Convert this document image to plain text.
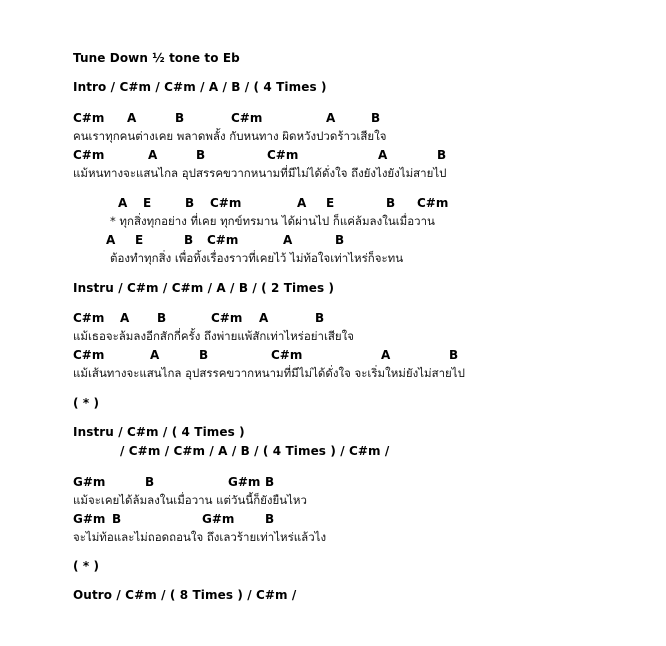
Tune Down ½ tone to Eb
Intro / C#m / C#m / A / B / ( 4 Times )
C#m A	B	C#m	A	B
คนเราทุกคนต่างเคย พลาดพลั้ง กับหนทาง ผิดหวังปวดร้าวเสียใจ
C#m	A	B	C#m	A	B
แม้หนทางจะแสนไกล อุปสรรคขวากหนามที่มีไม่ได้ดั่งใจ ถึงยังไงยังไม่สายไป
A E	B C#m	A E	B C#m
* ทุกสิ่งทุกอย่าง ที่เคย ทุกข์ทรมาน ได้ผ่านไป ก็แค่ล้มลงในเมื่อวาน
A E	B C#m	A	B
ต้องทำทุกสิ่ง เพื่อทิ้งเรื่องราวที่เคยไว้ ไม่ท้อใจเท่าไหร่ก็จะทน
Instru / C#m / C#m / A / B / ( 2 Times )
C#m A B	C#m A	B
แม้เธอจะล้มลงอีกสักกี่ครั้ง ถึงพ่ายแพ้สักเท่าไหร่อย่าเสียใจ
C#m	A	B	C#m	A	B
แม้เส้นทางจะแสนไกล อุปสรรคขวากหนามที่มีไม่ได้ดั่งใจ จะเริ่มใหม่ยังไม่สายไป
( * )
Instru / C#m / ( 4 Times )
/ C#m / C#m / A / B / ( 4 Times ) / C#m /
G#m	B	G#m B
แม้จะเคยได้ล้มลงในเมื่อวาน แต่วันนี้ก็ยังยืนไหว
G#m B	G#m	B
จะไม่ท้อและไม่ถอดถอนใจ ถึงเลวร้ายเท่าไหร่แล้วไง
( * )
Outro / C#m / ( 8 Times ) / C#m /
